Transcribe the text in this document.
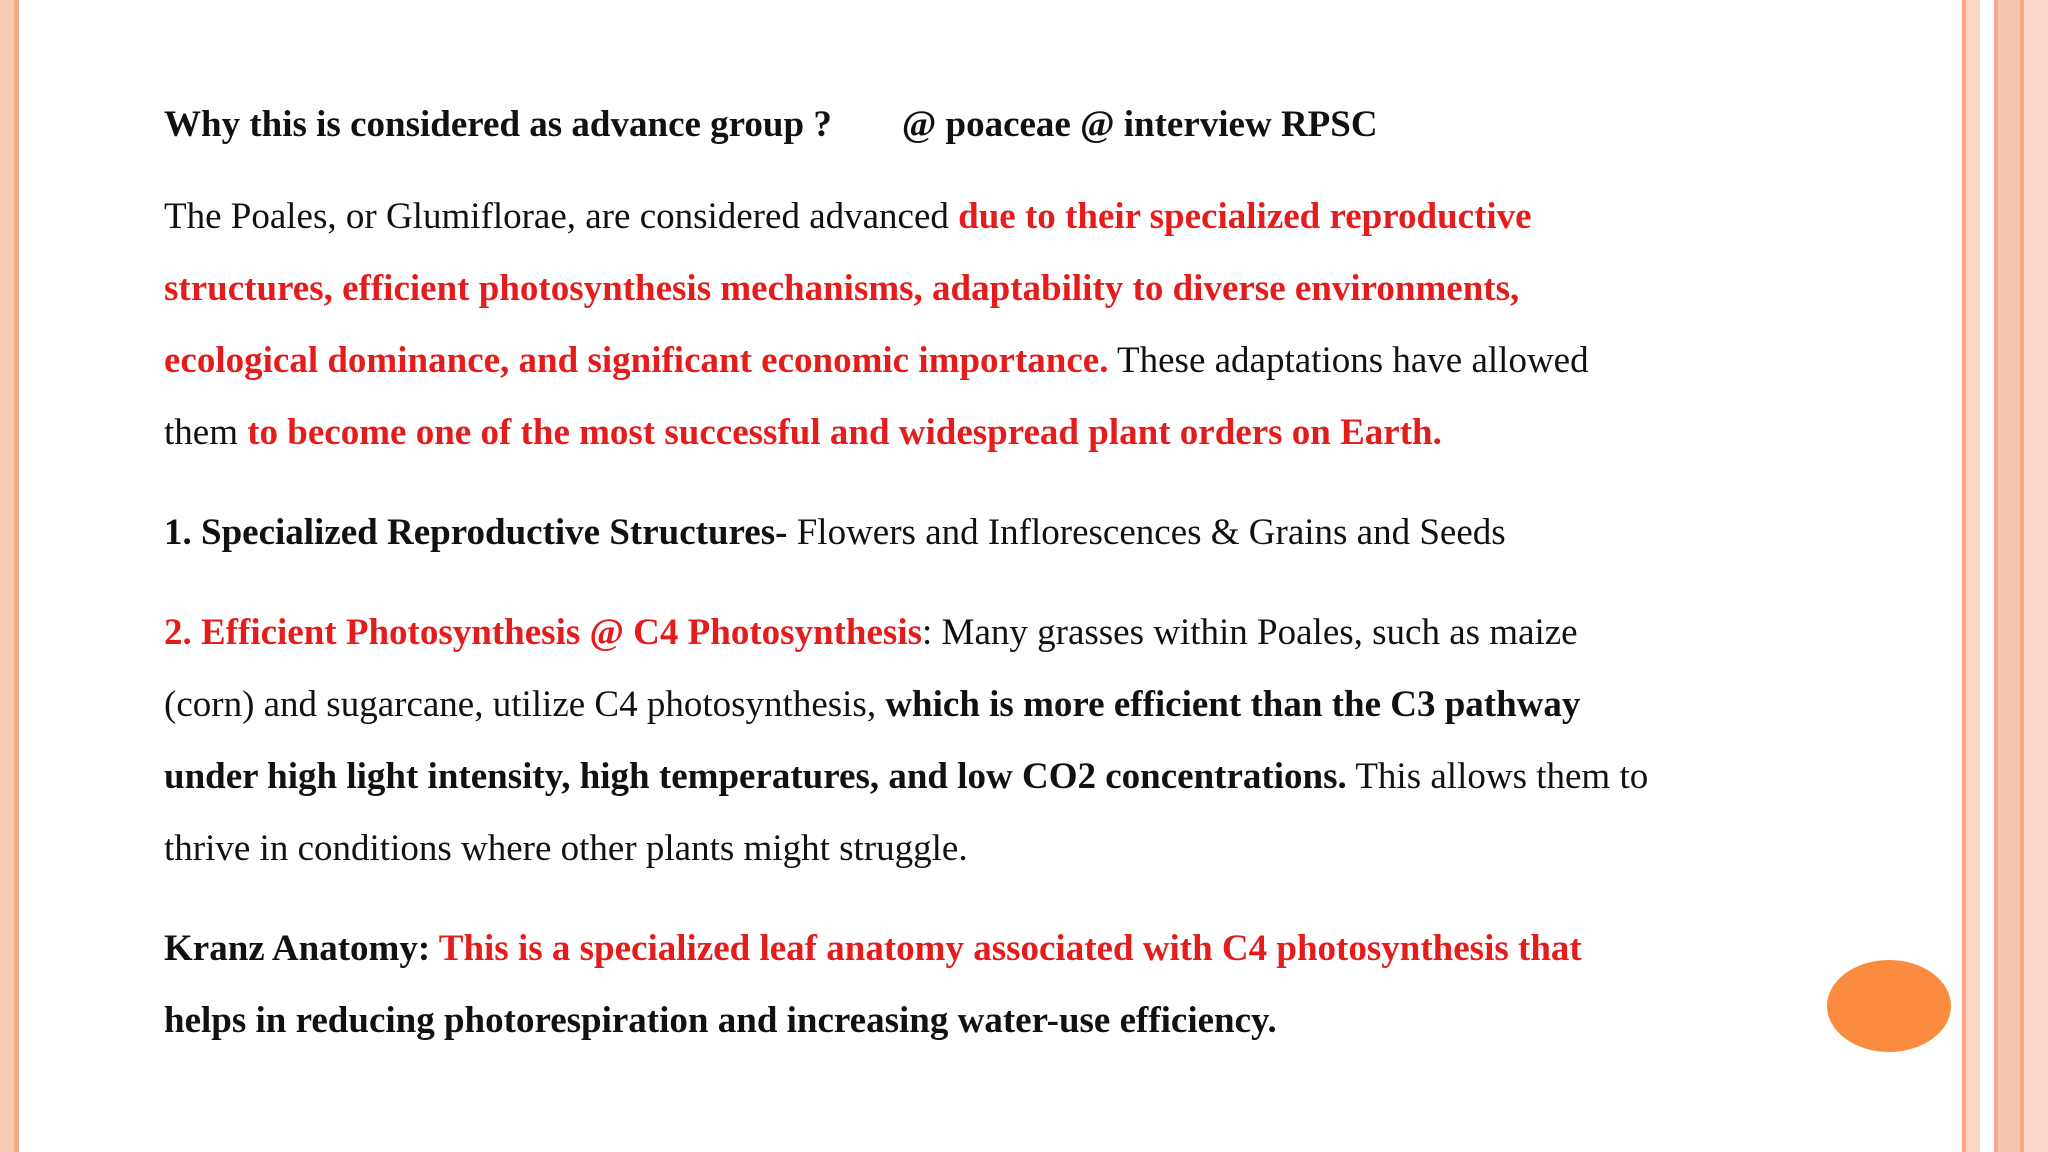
Why this is considered as advance group ? @ poaceae @ interview RPSC

The Poales, or Glumiflorae, are considered advanced due to their specialized reproductive structures, efficient photosynthesis mechanisms, adaptability to diverse environments, ecological dominance, and significant economic importance. These adaptations have allowed them to become one of the most successful and widespread plant orders on Earth.

1. Specialized Reproductive Structures- Flowers and Inflorescences & Grains and Seeds

2. Efficient Photosynthesis @ C4 Photosynthesis: Many grasses within Poales, such as maize (corn) and sugarcane, utilize C4 photosynthesis, which is more efficient than the C3 pathway under high light intensity, high temperatures, and low CO2 concentrations. This allows them to thrive in conditions where other plants might struggle.

Kranz Anatomy: This is a specialized leaf anatomy associated with C4 photosynthesis that helps in reducing photorespiration and increasing water-use efficiency.
